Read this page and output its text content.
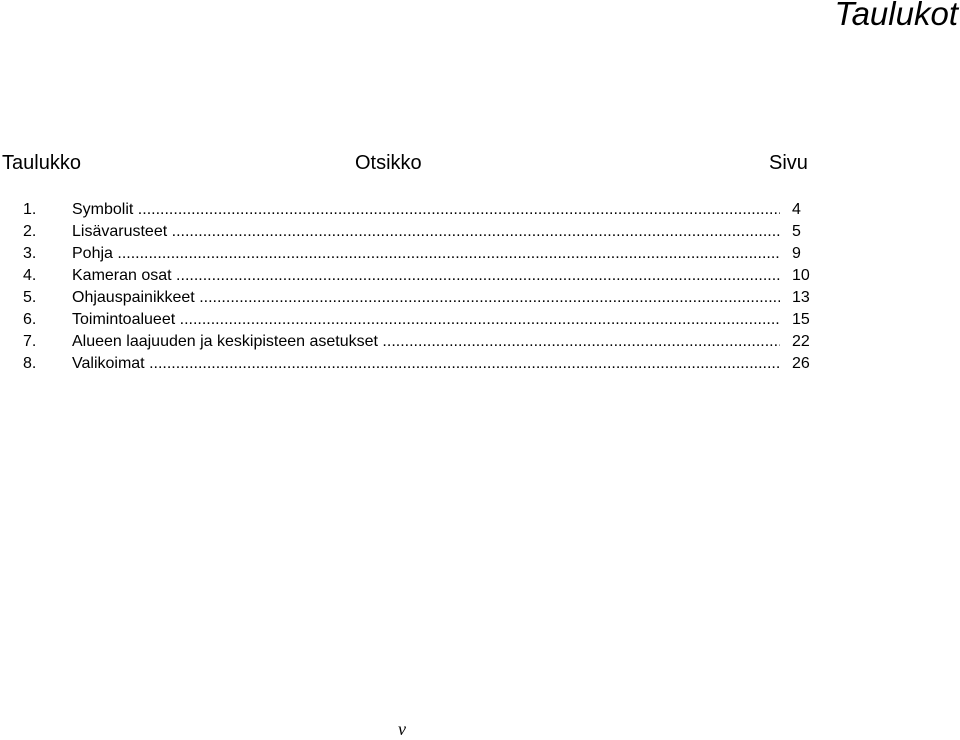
Taulukot
Taulukko	Otsikko	Sivu
1. Symbolit .....	4
2. Lisävarusteet .....	5
3. Pohja .....	9
4. Kameran osat .....	10
5. Ohjauspainikkeet .....	13
6. Toimintoalueet .....	15
7. Alueen laajuuden ja keskipisteen asetukset .....	22
8. Valikoimat .....	26
v
